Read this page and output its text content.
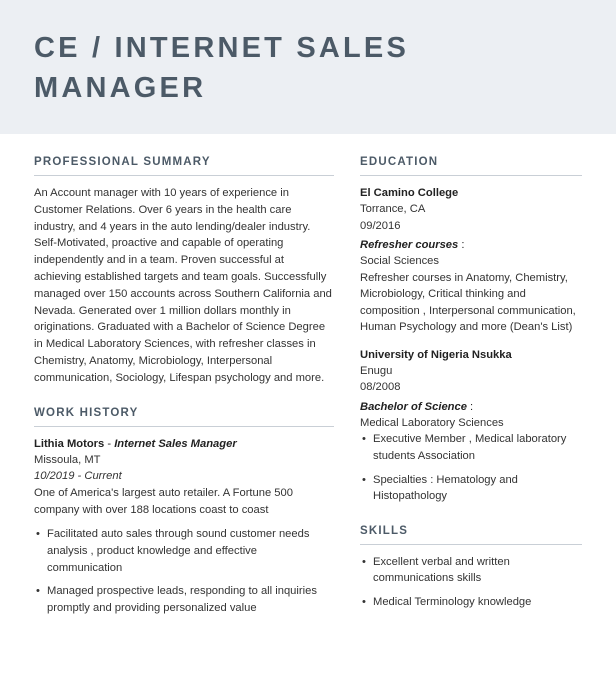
CE / INTERNET SALES MANAGER
PROFESSIONAL SUMMARY

An Account manager with 10 years of experience in Customer Relations. Over 6 years in the health care industry, and 4 years in the auto lending/dealer industry. Self-Motivated, proactive and capable of operating independently and in a team. Proven successful at achieving established targets and team goals. Successfully managed over 150 accounts across Southern California and Nevada. Generated over 1 million dollars monthly in originations. Graduated with a Bachelor of Science Degree in Medical Laboratory Sciences, with refresher classes in Chemistry, Anatomy, Microbiology, Interpersonal communication, Sociology, Lifespan psychology and more.

WORK HISTORY

Lithia Motors - Internet Sales Manager

Missoula, MT

10/2019 - Current

One of America's largest auto retailer. A Fortune 500 company with over 188 locations coast to coast

• Facilitated auto sales through sound customer needs analysis , product knowledge and effective communication
• Managed prospective leads, responding to all inquiries promptly and providing personalized value
EDUCATION

El Camino College

Torrance, CA

09/2016

Refresher courses :

Social Sciences

Refresher courses in Anatomy, Chemistry, Microbiology, Critical thinking and composition , Interpersonal communication, Human Psychology and more (Dean's List)

University of Nigeria Nsukka

Enugu

08/2008

Bachelor of Science :

Medical Laboratory Sciences

• Executive Member , Medical laboratory students Association
• Specialties : Hematology and Histopathology
SKILLS
• Excellent verbal and written communications skills
• Medical Terminology knowledge
